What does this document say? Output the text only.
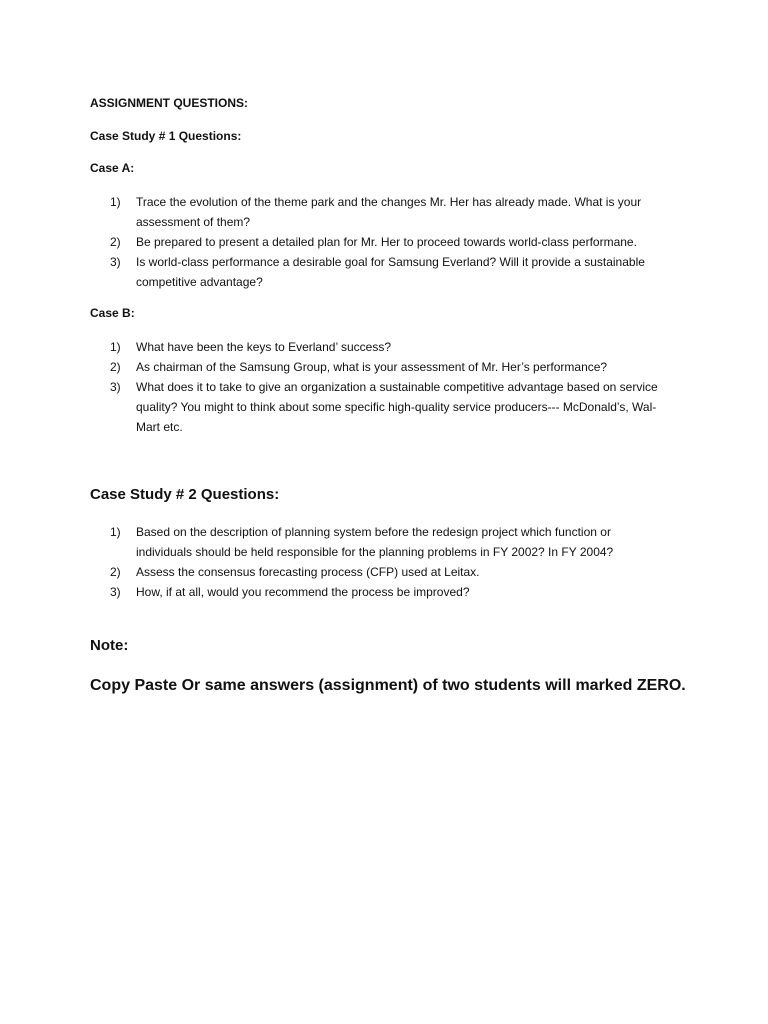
ASSIGNMENT QUESTIONS:

Case Study # 1 Questions:

Case A:

1) Trace the evolution of the theme park and the changes Mr. Her has already made. What is your assessment of them?
2) Be prepared to present a detailed plan for Mr. Her to proceed towards world-class performane.
3) Is world-class performance a desirable goal for Samsung Everland? Will it provide a sustainable competitive advantage?

Case B:

1) What have been the keys to Everland’ success?
2) As chairman of the Samsung Group, what is your assessment of Mr. Her’s performance?
3) What does it to take to give an organization a sustainable competitive advantage based on service quality? You might to think about some specific high-quality service producers--- McDonald’s, Wal-Mart etc.

Case Study # 2 Questions:

1) Based on the description of planning system before the redesign project which function or individuals should be held responsible for the planning problems in FY 2002? In FY 2004?
2) Assess the consensus forecasting process (CFP) used at Leitax.
3) How, if at all, would you recommend the process be improved?

Note:

Copy Paste Or same answers (assignment) of two students will marked ZERO.
